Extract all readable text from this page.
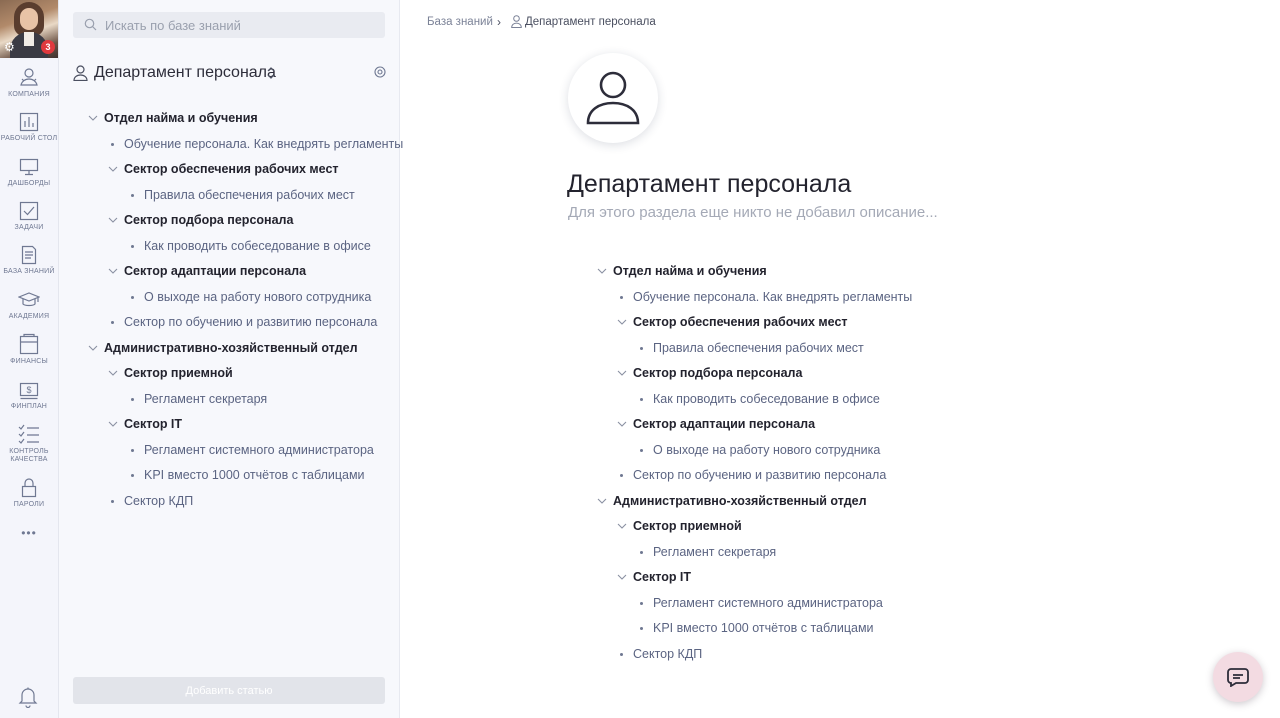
⚙	3
КОМПАНИЯ
РАБОЧИЙ СТОЛ
ДАШБОРДЫ
ЗАДАЧИ
БАЗА ЗНАНИЙ
АКАДЕМИЯ
ФИНАНСЫ
$
ФИНПЛАН
КОНТРОЛЬ КАЧЕСТВА
ПАРОЛИ
•••
Искать по базе знаний
Департамент персонала
Отдел найма и обучения
Обучение персонала. Как внедрять регламенты
Сектор обеспечения рабочих мест
Правила обеспечения рабочих мест
Сектор подбора персонала
Как проводить собеседование в офисе
Сектор адаптации персонала
О выходе на работу нового сотрудника
Сектор по обучению и развитию персонала
Административно-хозяйственный отдел
Сектор приемной
Регламент секретаря
Сектор IT
Регламент системного администратора
KPI вместо 1000 отчётов с таблицами
Сектор КДП
Добавить статью
База знаний › Департамент персонала
Департамент персонала
Для этого раздела еще никто не добавил описание...
Отдел найма и обучения
Обучение персонала. Как внедрять регламенты
Сектор обеспечения рабочих мест
Правила обеспечения рабочих мест
Сектор подбора персонала
Как проводить собеседование в офисе
Сектор адаптации персонала
О выходе на работу нового сотрудника
Сектор по обучению и развитию персонала
Административно-хозяйственный отдел
Сектор приемной
Регламент секретаря
Сектор IT
Регламент системного администратора
KPI вместо 1000 отчётов с таблицами
Сектор КДП
